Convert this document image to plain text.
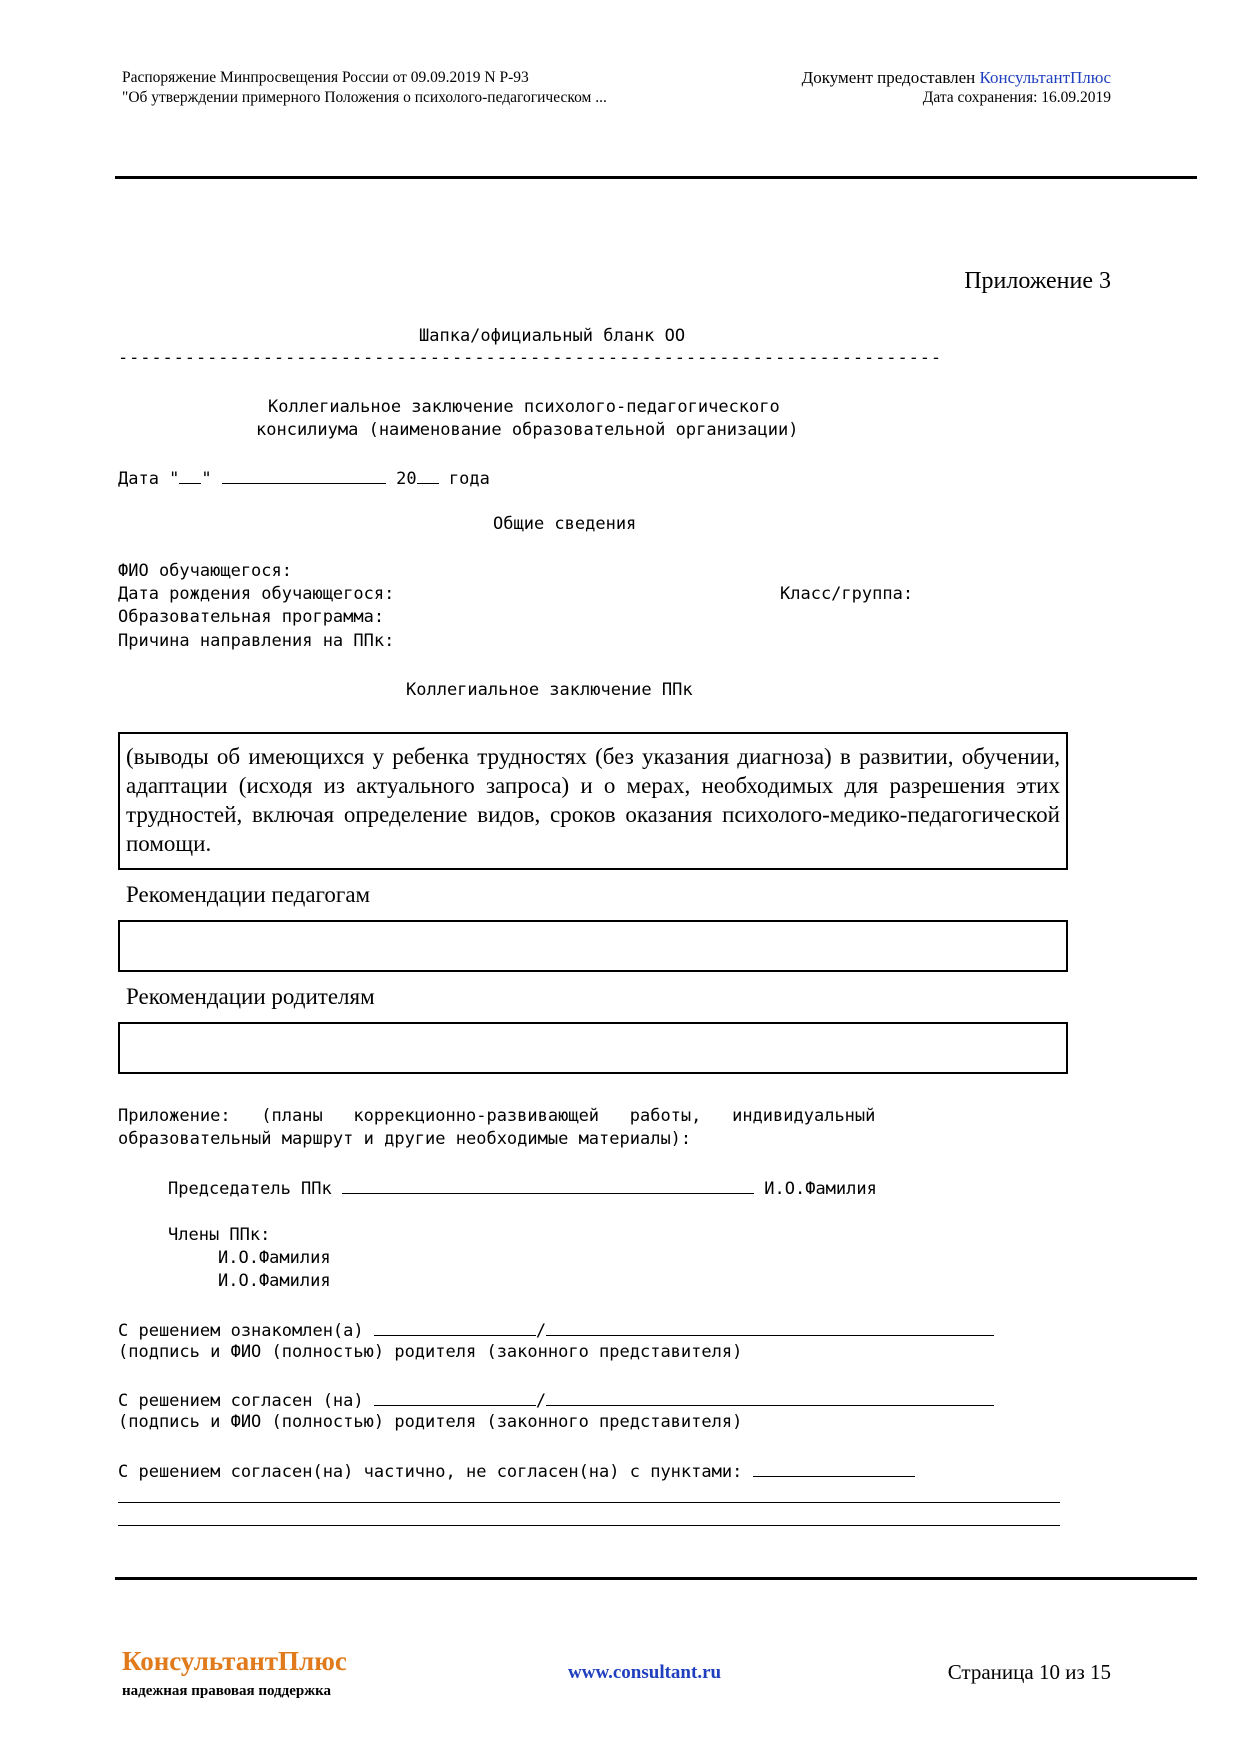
Распоряжение Минпросвещения России от 09.09.2019 N Р-93
"Об утверждении примерного Положения о психолого-педагогическом ...
Документ предоставлен КонсультантПлюс
Дата сохранения: 16.09.2019
Приложение 3
Шапка/официальный бланк ОО
--------------------------------------------------------------------------
Коллегиальное заключение психолого-педагогического
консилиума (наименование образовательной организации)
Дата " "	20 года
Общие сведения
ФИО обучающегося:
Дата рождения обучающегося:	Класс/группа:
Образовательная программа:
Причина направления на ППк:
Коллегиальное заключение ППк
(выводы об имеющихся у ребенка трудностях (без указания диагноза) в развитии, обучении, адаптации (исходя из актуального запроса) и о мерах, необходимых для разрешения этих трудностей, включая определение видов, сроков оказания психолого-медико-педагогической помощи.
Рекомендации педагогам
Рекомендации родителям
Приложение:   (планы   коррекционно-развивающей   работы,   индивидуальный
образовательный маршрут и другие необходимые материалы):
Председатель ППк	И.О.Фамилия
Члены ППк:
И.О.Фамилия
И.О.Фамилия
С решением ознакомлен(а)	/
(подпись и ФИО (полностью) родителя (законного представителя)
С решением согласен (на)	/
(подпись и ФИО (полностью) родителя (законного представителя)
С решением согласен(на) частично, не согласен(на) с пунктами:
КонсультантПлюс
надежная правовая поддержка
www.consultant.ru	Страница 10 из 15
